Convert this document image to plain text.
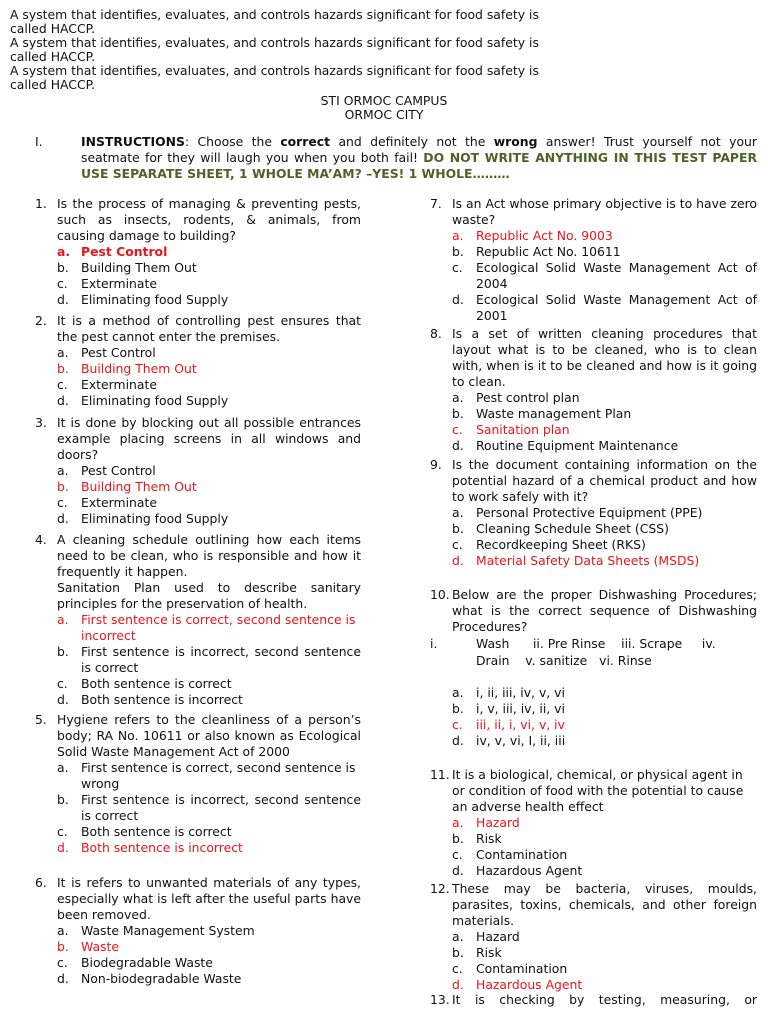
A system that identifies, evaluates, and controls hazards significant for food safety is called HACCP.

A system that identifies, evaluates, and controls hazards significant for food safety is called HACCP.

A system that identifies, evaluates, and controls hazards significant for food safety is called HACCP.

STI ORMOC CAMPUS
ORMOC CITY
I.	INSTRUCTIONS: Choose the correct and definitely not the wrong answer! Trust yourself not your seatmate for they will laugh you when you both fail! DO NOT WRITE ANYTHING IN THIS TEST PAPER USE SEPARATE SHEET, 1 WHOLE MA’AM? –YES! 1 WHOLE………
1. Is the process of managing & preventing pests, such as insects, rodents, & animals, from causing damage to building?
a. Pest Control
b. Building Them Out
c. Exterminate
d. Eliminating food Supply
2. It is a method of controlling pest ensures that the pest cannot enter the premises.
a. Pest Control
b. Building Them Out
c. Exterminate
d. Eliminating food Supply
3. It is done by blocking out all possible entrances example placing screens in all windows and doors?
a. Pest Control
b. Building Them Out
c. Exterminate
d. Eliminating food Supply
4. A cleaning schedule outlining how each items need to be clean, who is responsible and how it frequently it happen.
Sanitation Plan used to describe sanitary principles for the preservation of health.
a. First sentence is correct, second sentence is incorrect
b. First sentence is incorrect, second sentence is correct
c. Both sentence is correct
d. Both sentence is incorrect
5. Hygiene refers to the cleanliness of a person’s body; RA No. 10611 or also known as Ecological Solid Waste Management Act of 2000
a. First sentence is correct, second sentence is wrong
b. First sentence is incorrect, second sentence is correct
c. Both sentence is correct
d. Both sentence is incorrect
6. It is refers to unwanted materials of any types, especially what is left after the useful parts have been removed.
a. Waste Management System
b. Waste
c. Biodegradable Waste
d. Non-biodegradable Waste
7. Is an Act whose primary objective is to have zero waste?
a. Republic Act No. 9003
b. Republic Act No. 10611
c. Ecological Solid Waste Management Act of 2004
d. Ecological Solid Waste Management Act of 2001
8. Is a set of written cleaning procedures that layout what is to be cleaned, who is to clean with, when is it to be cleaned and how is it going to clean.
a. Pest control plan
b. Waste management Plan
c. Sanitation plan
d. Routine Equipment Maintenance
9. Is the document containing information on the potential hazard of a chemical product and how to work safely with it?
a. Personal Protective Equipment (PPE)
b. Cleaning Schedule Sheet (CSS)
c. Recordkeeping Sheet (RKS)
d. Material Safety Data Sheets (MSDS)
10. Below are the proper Dishwashing Procedures; what is the correct sequence of Dishwashing Procedures?
i.	Wash      ii. Pre Rinse    iii. Scrape     iv.
Drain    v. sanitize   vi. Rinse
a. i, ii, iii, iv, v, vi
b. i, v, iii, iv, ii, vi
c. iii, ii, i, vi, v, iv
d. iv, v, vi, I, ii, iii
11. It is a biological, chemical, or physical agent in or condition of food with the potential to cause an adverse health effect
a. Hazard
b. Risk
c. Contamination
d. Hazardous Agent
12. These may be bacteria, viruses, moulds, parasites, toxins, chemicals, and other foreign materials.
a. Hazard
b. Risk
c. Contamination
d. Hazardous Agent
13. It is checking by testing, measuring, or
